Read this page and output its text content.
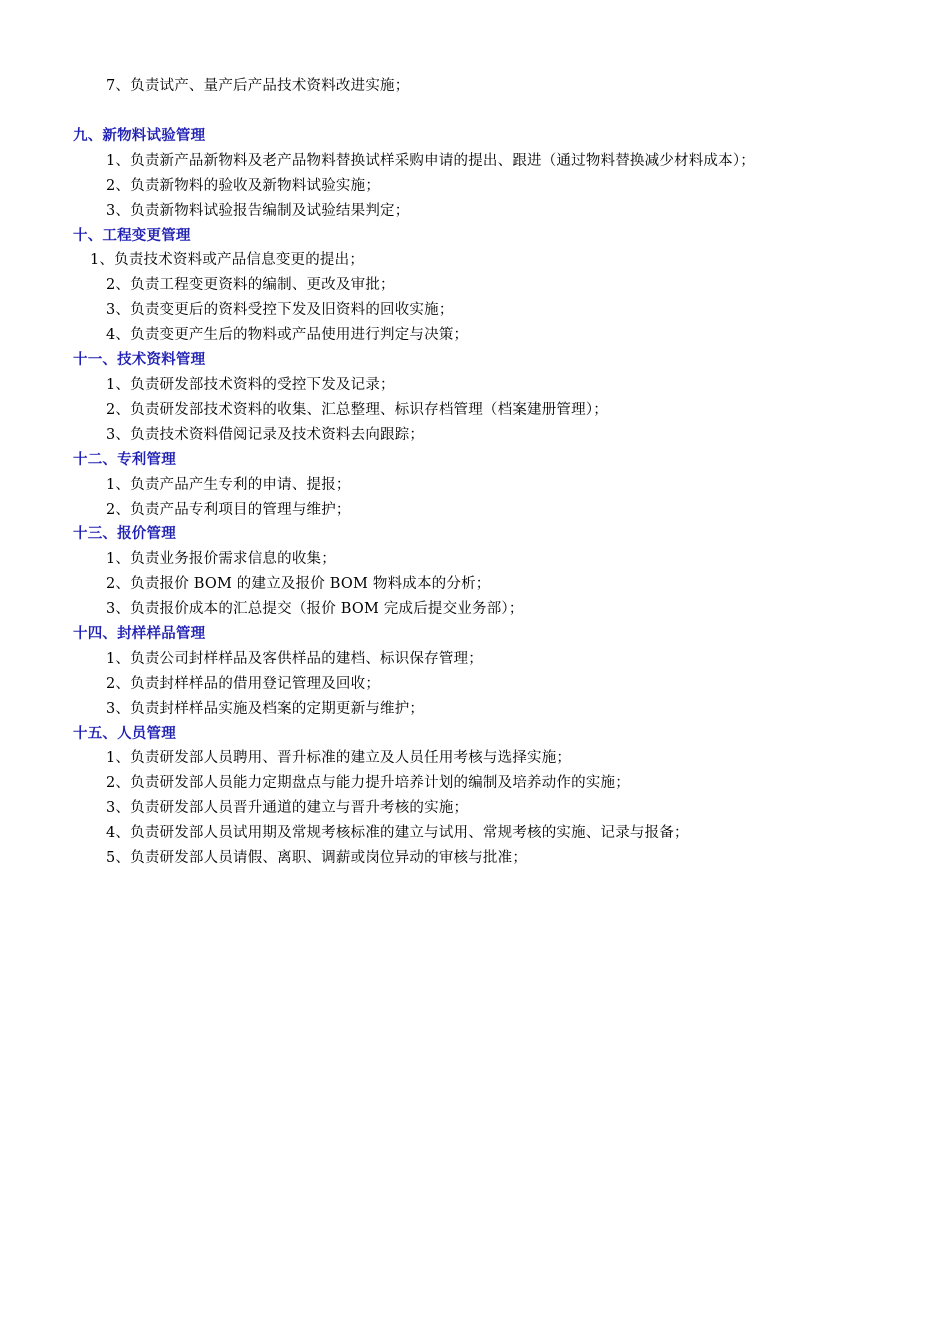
7、负责试产、量产后产品技术资料改进实施；
九、新物料试验管理
1、负责新产品新物料及老产品物料替换试样采购申请的提出、跟进（通过物料替换减少材料成本）；
2、负责新物料的验收及新物料试验实施；
3、负责新物料试验报告编制及试验结果判定；
十、工程变更管理
1、负责技术资料或产品信息变更的提出；
2、负责工程变更资料的编制、更改及审批；
3、负责变更后的资料受控下发及旧资料的回收实施；
4、负责变更产生后的物料或产品使用进行判定与决策；
十一、技术资料管理
1、负责研发部技术资料的受控下发及记录；
2、负责研发部技术资料的收集、汇总整理、标识存档管理（档案建册管理）；
3、负责技术资料借阅记录及技术资料去向跟踪；
十二、专利管理
1、负责产品产生专利的申请、提报；
2、负责产品专利项目的管理与维护；
十三、报价管理
1、负责业务报价需求信息的收集；
2、负责报价 BOM 的建立及报价 BOM 物料成本的分析；
3、负责报价成本的汇总提交（报价 BOM 完成后提交业务部）；
十四、封样样品管理
1、负责公司封样样品及客供样品的建档、标识保存管理；
2、负责封样样品的借用登记管理及回收；
3、负责封样样品实施及档案的定期更新与维护；
十五、人员管理
1、负责研发部人员聘用、晋升标准的建立及人员任用考核与选择实施；
2、负责研发部人员能力定期盘点与能力提升培养计划的编制及培养动作的实施；
3、负责研发部人员晋升通道的建立与晋升考核的实施；
4、负责研发部人员试用期及常规考核标准的建立与试用、常规考核的实施、记录与报备；
5、负责研发部人员请假、离职、调薪或岗位异动的审核与批准；
